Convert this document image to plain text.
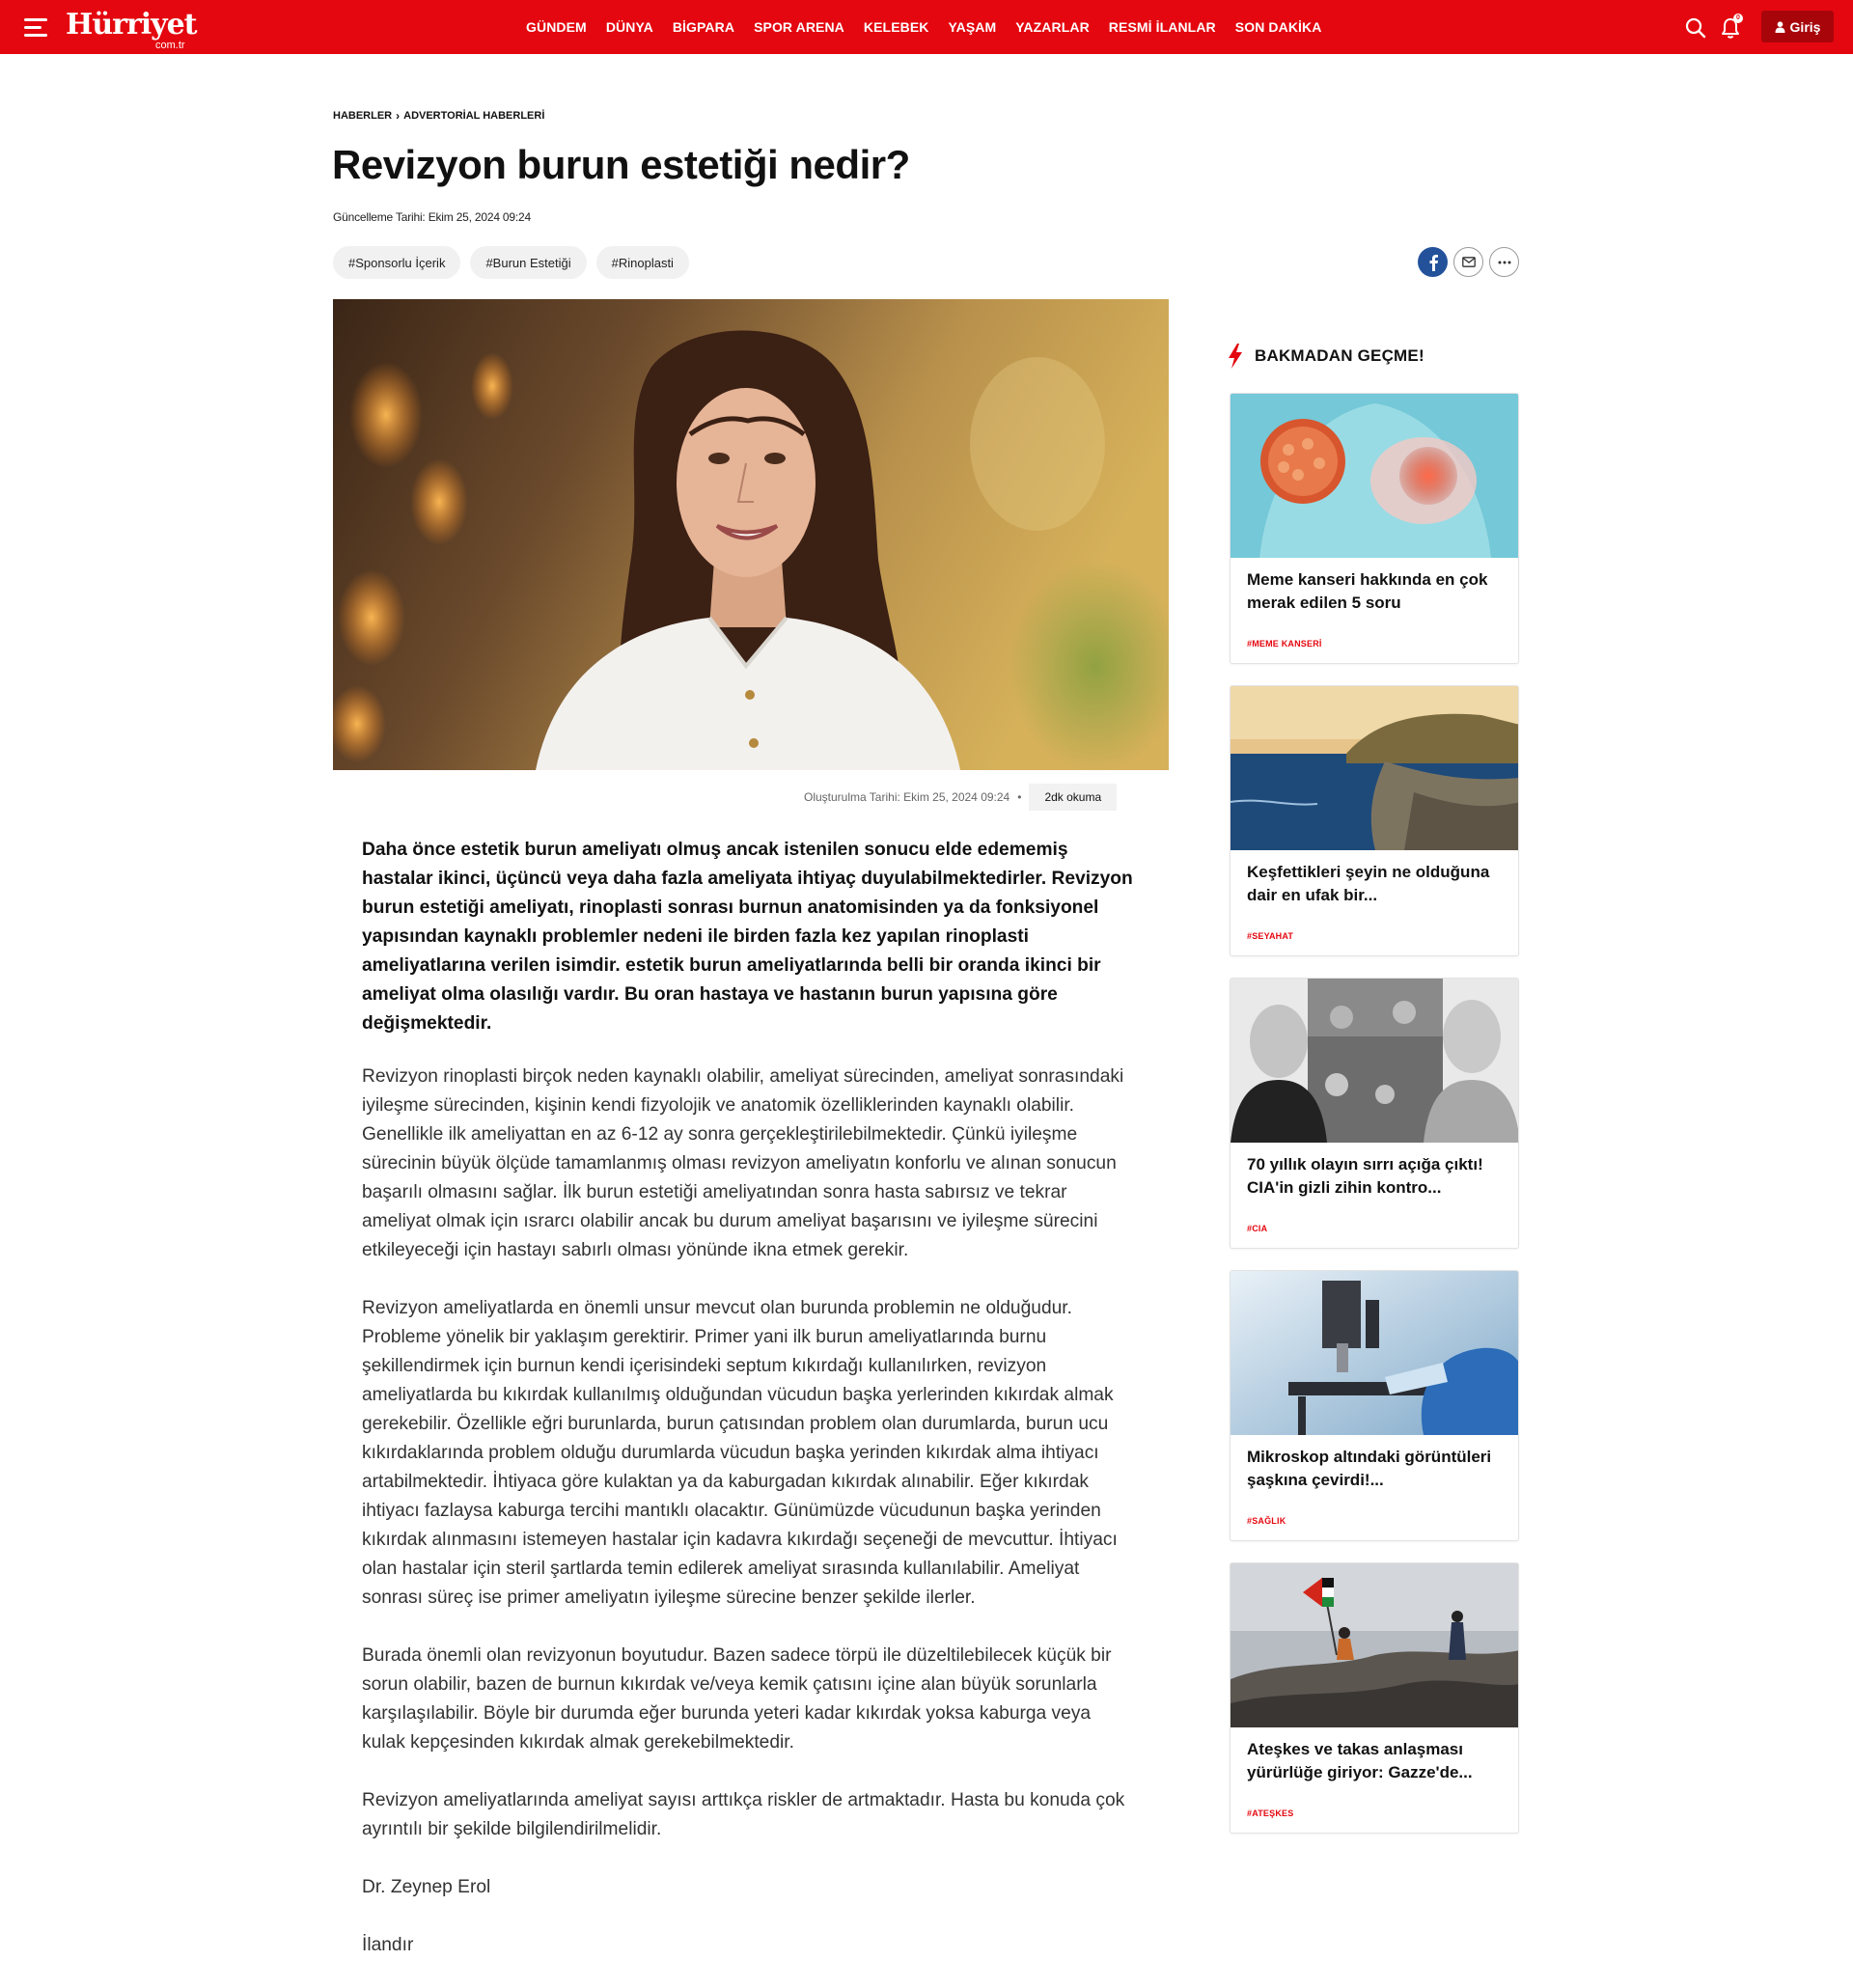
Hürriyet
com.tr
GÜNDEM DÜNYA BİGPARA SPOR ARENA KELEBEK YAŞAM YAZARLAR RESMİ İLANLAR SON DAKİKA
0
Giriş
HABERLER › ADVERTORİAL HABERLERİ
Revizyon burun estetiği nedir?
Güncelleme Tarihi: Ekim 25, 2024 09:24
#Sponsorlu İçerik	#Burun Estetiği	#Rinoplasti
Oluşturulma Tarihi: Ekim 25, 2024 09:24 •	2dk okuma

Daha önce estetik burun ameliyatı olmuş ancak istenilen sonucu elde edememiş hastalar ikinci, üçüncü veya daha fazla ameliyata ihtiyaç duyulabilmektedirler. Revizyon burun estetiği ameliyatı, rinoplasti sonrası burnun anatomisinden ya da fonksiyonel yapısından kaynaklı problemler nedeni ile birden fazla kez yapılan rinoplasti ameliyatlarına verilen isimdir. estetik burun ameliyatlarında belli bir oranda ikinci bir ameliyat olma olasılığı vardır. Bu oran hastaya ve hastanın burun yapısına göre değişmektedir.

Revizyon rinoplasti birçok neden kaynaklı olabilir, ameliyat sürecinden, ameliyat sonrasındaki iyileşme sürecinden, kişinin kendi fizyolojik ve anatomik özelliklerinden kaynaklı olabilir. Genellikle ilk ameliyattan en az 6-12 ay sonra gerçekleştirilebilmektedir. Çünkü iyileşme sürecinin büyük ölçüde tamamlanmış olması revizyon ameliyatın konforlu ve alınan sonucun başarılı olmasını sağlar. İlk burun estetiği ameliyatından sonra hasta sabırsız ve tekrar ameliyat olmak için ısrarcı olabilir ancak bu durum ameliyat başarısını ve iyileşme sürecini etkileyeceği için hastayı sabırlı olması yönünde ikna etmek gerekir.

Revizyon ameliyatlarda en önemli unsur mevcut olan burunda problemin ne olduğudur. Probleme yönelik bir yaklaşım gerektirir. Primer yani ilk burun ameliyatlarında burnu şekillendirmek için burnun kendi içerisindeki septum kıkırdağı kullanılırken, revizyon ameliyatlarda bu kıkırdak kullanılmış olduğundan vücudun başka yerlerinden kıkırdak almak gerekebilir. Özellikle eğri burunlarda, burun çatısından problem olan durumlarda, burun ucu kıkırdaklarında problem olduğu durumlarda vücudun başka yerinden kıkırdak alma ihtiyacı artabilmektedir. İhtiyaca göre kulaktan ya da kaburgadan kıkırdak alınabilir. Eğer kıkırdak ihtiyacı fazlaysa kaburga tercihi mantıklı olacaktır. Günümüzde vücudunun başka yerinden kıkırdak alınmasını istemeyen hastalar için kadavra kıkırdağı seçeneği de mevcuttur. İhtiyacı olan hastalar için steril şartlarda temin edilerek ameliyat sırasında kullanılabilir. Ameliyat sonrası süreç ise primer ameliyatın iyileşme sürecine benzer şekilde ilerler.

Burada önemli olan revizyonun boyutudur. Bazen sadece törpü ile düzeltilebilecek küçük bir sorun olabilir, bazen de burnun kıkırdak ve/veya kemik çatısını içine alan büyük sorunlarla karşılaşılabilir. Böyle bir durumda eğer burunda yeteri kadar kıkırdak yoksa kaburga veya kulak kepçesinden kıkırdak almak gerekebilmektedir.

Revizyon ameliyatlarında ameliyat sayısı arttıkça riskler de artmaktadır. Hasta bu konuda çok ayrıntılı bir şekilde bilgilendirilmelidir.

Dr. Zeynep Erol

İlandır

BAKMADAN GEÇME!
Meme kanseri hakkında en çok merak edilen 5 soru
#MEME KANSERİ
Keşfettikleri şeyin ne olduğuna dair en ufak bir...
#SEYAHAT
70 yıllık olayın sırrı açığa çıktı! CIA'in gizli zihin kontro...
#CIA
Mikroskop altındaki görüntüleri şaşkına çevirdi!...
#SAĞLIK
Ateşkes ve takas anlaşması yürürlüğe giriyor: Gazze'de...
#ATEŞKES
